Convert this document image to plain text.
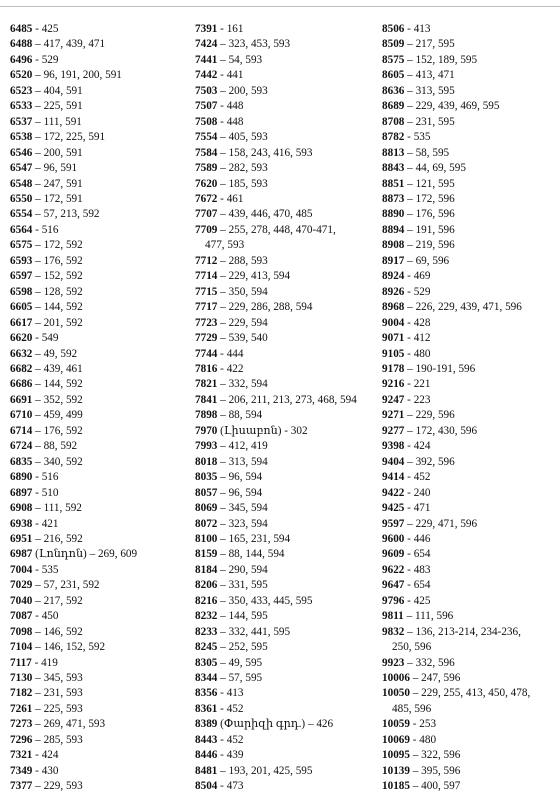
6485 - 425
6488 – 417, 439, 471
6496 - 529
6520 – 96, 191, 200, 591
6523 – 404, 591
6533 – 225, 591
6537 – 111, 591
6538 – 172, 225, 591
6546 – 200, 591
6547 – 96, 591
6548 – 247, 591
6550 – 172, 591
6554 – 57, 213, 592
6564 - 516
6575 – 172, 592
6593 – 176, 592
6597 – 152, 592
6598 – 128, 592
6605 – 144, 592
6617 – 201, 592
6620 - 549
6632 – 49, 592
6682 – 439, 461
6686 – 144, 592
6691 – 352, 592
6710 – 459, 499
6714 – 176, 592
6724 – 88, 592
6835 – 340, 592
6890 - 516
6897 - 510
6908 – 111, 592
6938 - 421
6951 – 216, 592
6987 (Լոնդոն) – 269, 609
7004 - 535
7029 – 57, 231, 592
7040 – 217, 592
7087 - 450
7098 – 146, 592
7104 – 146, 152, 592
7117 - 419
7130 – 345, 593
7182 – 231, 593
7261 – 225, 593
7273 – 269, 471, 593
7296 – 285, 593
7321 - 424
7349 - 430
7377 – 229, 593
7391 - 161
7424 – 323, 453, 593
7441 – 54, 593
7442 - 441
7503 – 200, 593
7507 - 448
7508 - 448
7554 – 405, 593
7584 – 158, 243, 416, 593
7589 – 282, 593
7620 – 185, 593
7672 - 461
7707 – 439, 446, 470, 485
7709 – 255, 278, 448, 470-471,
477, 593
7712 – 288, 593
7714 – 229, 413, 594
7715 – 350, 594
7717 – 229, 286, 288, 594
7723 – 229, 594
7729 – 539, 540
7744 - 444
7816 - 422
7821 – 332, 594
7841 – 206, 211, 213, 273, 468, 594
7898 – 88, 594
7970 (Լիսաբոն) - 302
7993 – 412, 419
8018 – 313, 594
8035 – 96, 594
8057 – 96, 594
8069 – 345, 594
8072 – 323, 594
8100 – 165, 231, 594
8159 – 88, 144, 594
8184 – 290, 594
8206 – 331, 595
8216 – 350, 433, 445, 595
8232 – 144, 595
8233 – 332, 441, 595
8245 – 252, 595
8305 – 49, 595
8344 – 57, 595
8356 - 413
8361 - 452
8389 (Փարիզի գրդ.) – 426
8443 - 452
8446 - 439
8481 – 193, 201, 425, 595
8504 - 473
8506 - 413
8509 – 217, 595
8575 – 152, 189, 595
8605 – 413, 471
8636 – 313, 595
8689 – 229, 439, 469, 595
8708 – 231, 595
8782 - 535
8813 – 58, 595
8843 – 44, 69, 595
8851 – 121, 595
8873 – 172, 596
8890 – 176, 596
8894 – 191, 596
8908 – 219, 596
8917 – 69, 596
8924 - 469
8926 - 529
8968 – 226, 229, 439, 471, 596
9004 - 428
9071 - 412
9105 - 480
9178 – 190-191, 596
9216 - 221
9247 - 223
9271 – 229, 596
9277 – 172, 430, 596
9398 - 424
9404 – 392, 596
9414 - 452
9422 - 240
9425 - 471
9597 – 229, 471, 596
9600 - 446
9609 - 654
9622 - 483
9647 - 654
9796 - 425
9811 – 111, 596
9832 – 136, 213-214, 234-236,
250, 596
9923 – 332, 596
10006 – 247, 596
10050 – 229, 255, 413, 450, 478,
485, 596
10059 - 253
10069 - 480
10095 – 322, 596
10139 – 395, 596
10185 – 400, 597
